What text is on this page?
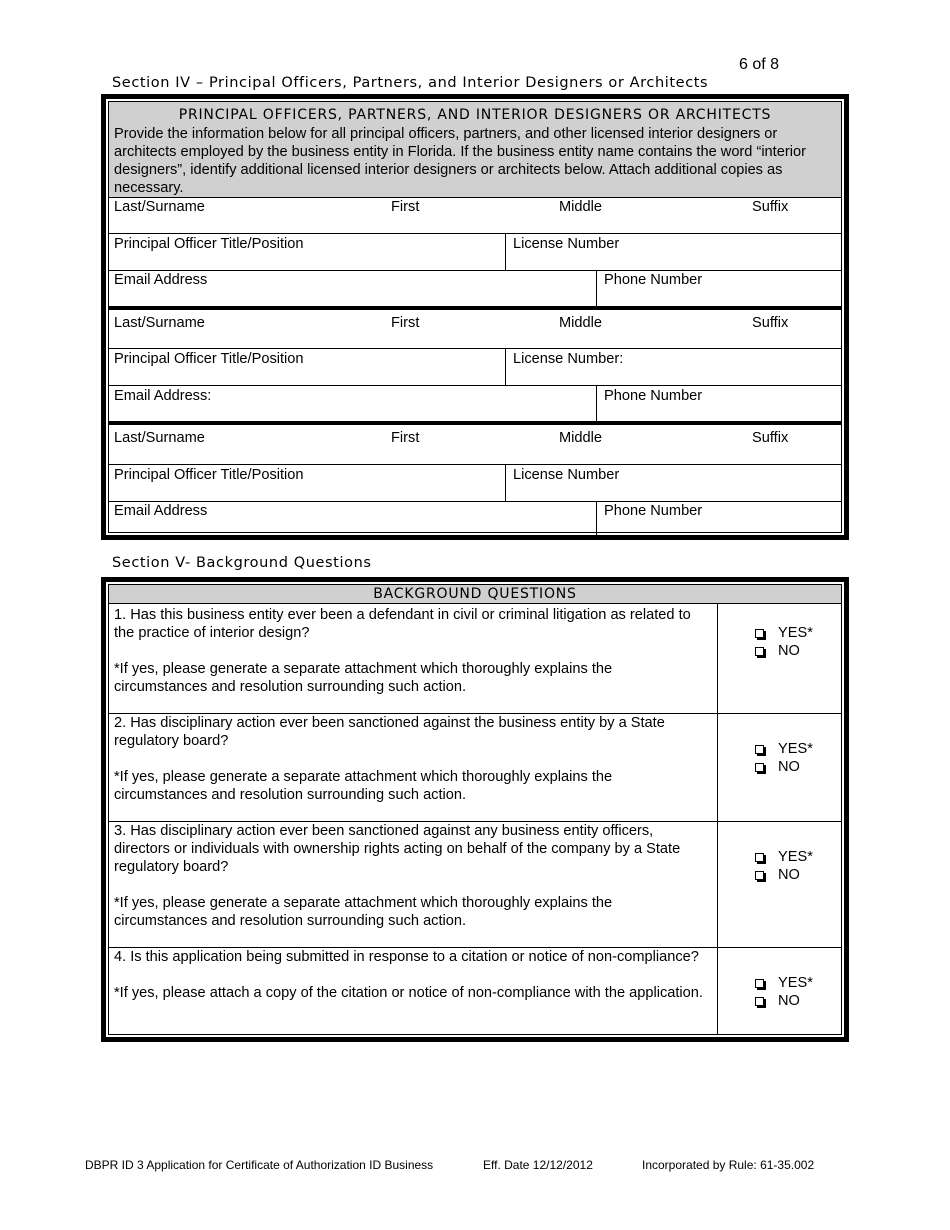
6 of 8
Section IV – Principal Officers, Partners, and Interior Designers or Architects
PRINCIPAL OFFICERS, PARTNERS, AND INTERIOR DESIGNERS OR ARCHITECTS
Provide the information below for all principal officers, partners, and other licensed interior designers or architects employed by the business entity in Florida. If the business entity name contains the word “interior designers”, identify additional licensed interior designers or architects below. Attach additional copies as necessary.
Last/Surname	First	Middle	Suffix
Principal Officer Title/Position	License Number
Email Address	Phone Number
Last/Surname	First	Middle	Suffix
Principal Officer Title/Position	License Number:
Email Address:	Phone Number
Last/Surname	First	Middle	Suffix
Principal Officer Title/Position	License Number
Email Address	Phone Number
Section V- Background Questions
BACKGROUND QUESTIONS

1. Has this business entity ever been a defendant in civil or criminal litigation as related to the practice of interior design?

*If yes, please generate a separate attachment which thoroughly explains the circumstances and resolution surrounding such action.

YES*
NO

2. Has disciplinary action ever been sanctioned against the business entity by a State regulatory board?

*If yes, please generate a separate attachment which thoroughly explains the circumstances and resolution surrounding such action.

YES*
NO

3. Has disciplinary action ever been sanctioned against any business entity officers, directors or individuals with ownership rights acting on behalf of the company by a State regulatory board?

*If yes, please generate a separate attachment which thoroughly explains the circumstances and resolution surrounding such action.

YES*
NO

4. Is this application being submitted in response to a citation or notice of non-compliance?

*If yes, please attach a copy of the citation or notice of non-compliance with the application.

YES*
NO
DBPR ID 3 Application for Certificate of Authorization ID Business	Eff. Date 12/12/2012	Incorporated by Rule: 61-35.002
